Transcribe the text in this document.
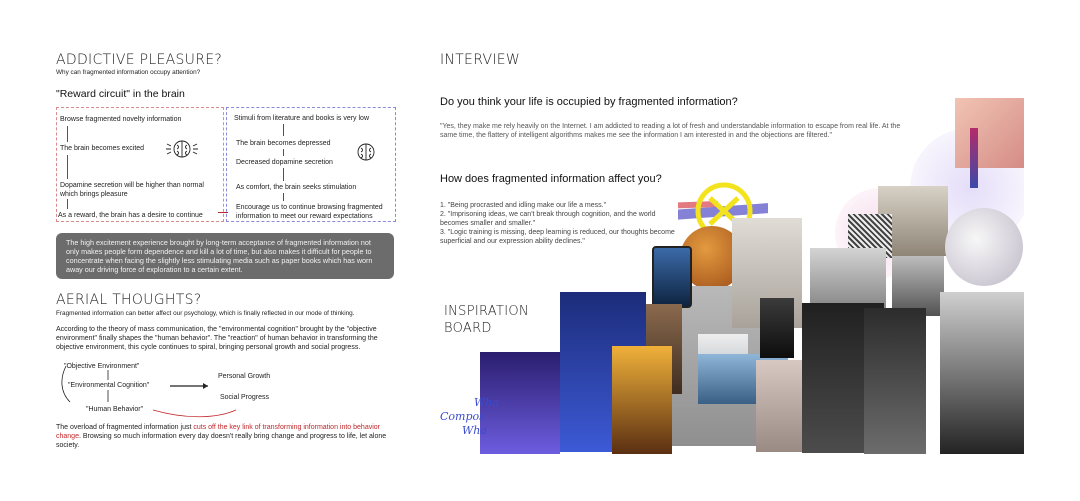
ADDICTIVE PLEASURE?
Why can fragmented information occupy attention?
"Reward circuit" in the brain
Browse fragmented novelty information
The brain becomes excited
Dopamine secretion will be higher than normal which brings pleasure
As a reward, the brain has a desire to continue
Stimuli from literature and books is very low
The brain becomes depressed
Decreased dopamine secretion
As comfort, the brain seeks stimulation
Encourage us to continue browsing fragmented information to meet our reward expectations
The high excitement experience brought by long-term acceptance of fragmented information not only makes people form dependence and kill a lot of time, but also makes it difficult for people to concentrate when facing the slightly less stimulating media such as paper books which has worn away our driving force of exploration to a certain extent.
AERIAL THOUGHTS?
Fragmented information can better affect our psychology, which is finally reflected in our mode of thinking.
According to the theory of mass communication, the "environmental cognition" brought by the "objective environment" finally shapes the "human behavior". The "reaction" of human behavior in transforming the objective environment, this cycle continues to spiral, bringing personal growth and social progress.
"Objective Environment"
"Environmental Cognition"
"Human Behavior"
Personal Growth
Social Progress
The overload of fragmented information just cuts off the key link of transforming information into behavior change. Browsing so much information every day doesn't really bring change and progress to life, let alone society.
INTERVIEW
Do you think your life is occupied by fragmented information?
"Yes, they make me rely heavily on the Internet. I am addicted to reading a lot of fresh and understandable information to escape from real life. At the same time, the flattery of intelligent algorithms makes me see the information I am interested in and the objections are filtered."
How does fragmented information affect you?
1. "Being procrasted and idling make our life a mess."
2. "Imprisoning ideas, we can't break through cognition, and the world becomes smaller and smaller."
3. "Logic training is missing, deep learning is reduced, our thoughts become superficial and our expression ability declines."
INSPIRATION
BOARD
Wha
Compos
Wha
